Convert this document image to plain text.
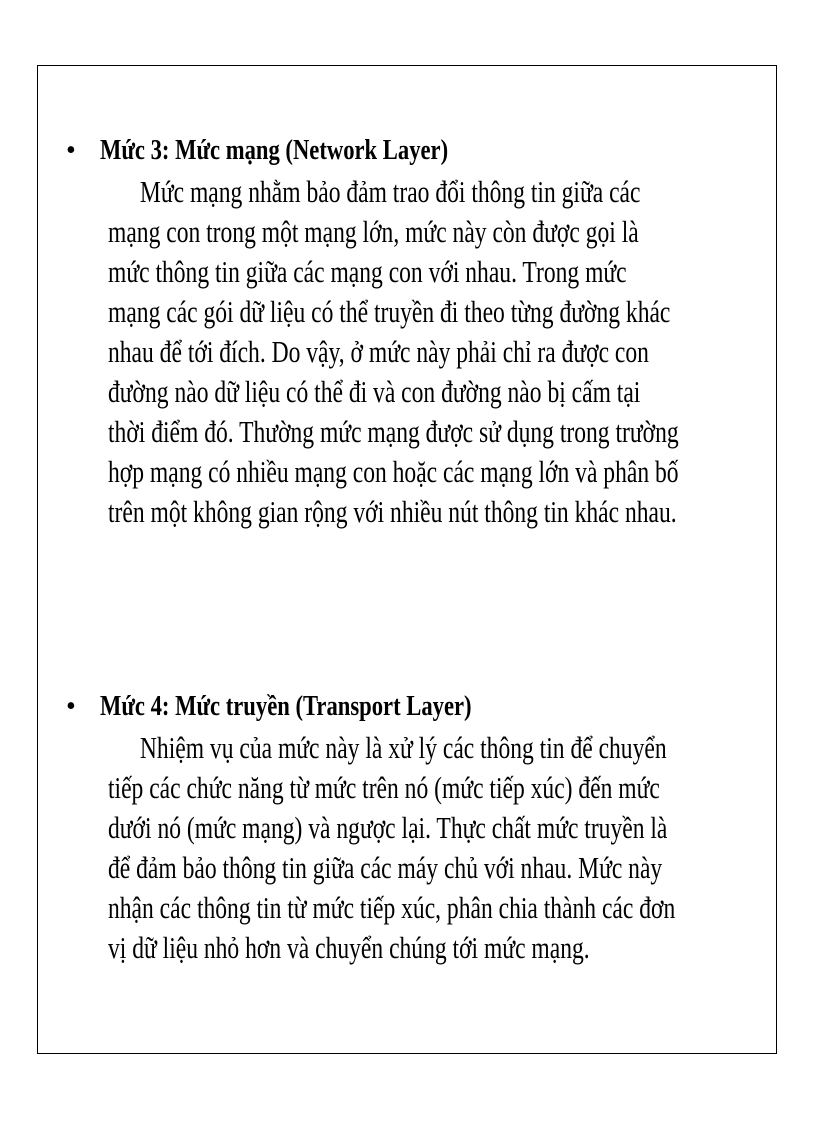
• Mức 3: Mức mạng (Network Layer)
Mức mạng nhằm bảo đảm trao đổi thông tin giữa các
mạng con trong một mạng lớn, mức này còn được gọi là
mức thông tin giữa các mạng con với nhau. Trong mức
mạng các gói dữ liệu có thể truyền đi theo từng đường khác
nhau để tới đích. Do vậy, ở mức này phải chỉ ra được con
đường nào dữ liệu có thể đi và con đường nào bị cấm tại
thời điểm đó. Thường mức mạng được sử dụng trong trường
hợp mạng có nhiều mạng con hoặc các mạng lớn và phân bố
trên một không gian rộng với nhiều nút thông tin khác nhau.
• Mức 4: Mức truyền (Transport Layer)
Nhiệm vụ của mức này là xử lý các thông tin để chuyển
tiếp các chức năng từ mức trên nó (mức tiếp xúc) đến mức
dưới nó (mức mạng) và ngược lại. Thực chất mức truyền là
để đảm bảo thông tin giữa các máy chủ với nhau. Mức này
nhận các thông tin từ mức tiếp xúc, phân chia thành các đơn
vị dữ liệu nhỏ hơn và chuyển chúng tới mức mạng.
